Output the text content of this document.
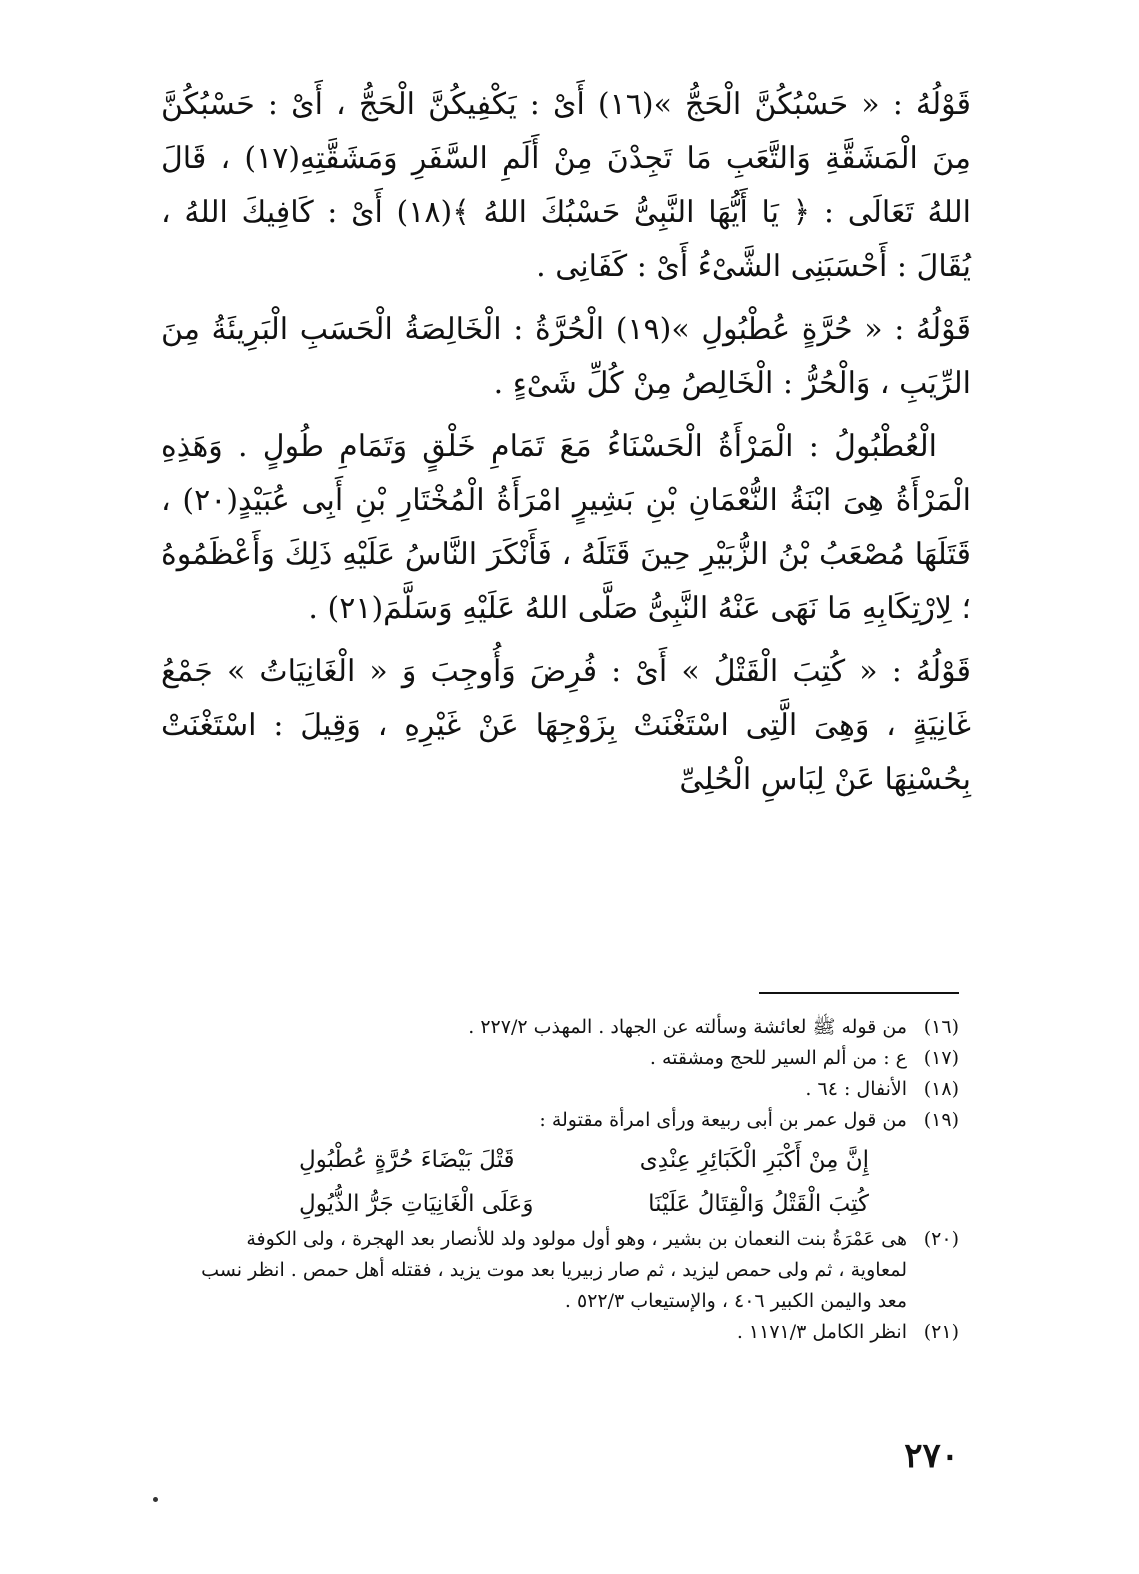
قَوْلُهُ : « حَسْبُكُنَّ الْحَجُّ »(١٦) أَىْ : يَكْفِيكُنَّ الْحَجُّ ، أَىْ : حَسْبُكُنَّ مِنَ الْمَشَقَّةِ وَالتَّعَبِ مَا تَجِدْنَ مِنْ أَلَمِ السَّفَرِ وَمَشَقَّتِهِ(١٧) ، قَالَ اللهُ تَعَالَى : ﴿ يَا أَيُّهَا النَّبِىُّ حَسْبُكَ اللهُ ﴾(١٨) أَىْ : كَافِيكَ اللهُ ، يُقَالَ : أَحْسَبَنِى الشَّىْءُ أَىْ : كَفَانِى .

قَوْلُهُ : « حُرَّةٍ عُطْبُولِ »(١٩) الْحُرَّةُ : الْخَالِصَةُ الْحَسَبِ الْبَرِيئَةُ مِنَ الرِّيَبِ ، وَالْحُرُّ : الْخَالِصُ مِنْ كُلِّ شَىْءٍ .

الْعُطْبُولُ : الْمَرْأَةُ الْحَسْنَاءُ مَعَ تَمَامِ خَلْقٍ وَتَمَامِ طُولٍ . وَهَذِهِ الْمَرْأَةُ هِىَ ابْنَةُ النُّعْمَانِ بْنِ بَشِيرٍ امْرَأَةُ الْمُخْتَارِ بْنِ أَبِى عُبَيْدٍ(٢٠) ، قَتَلَهَا مُصْعَبُ بْنُ الزُّبَيْرِ حِينَ قَتَلَهُ ، فَأَنْكَرَ النَّاسُ عَلَيْهِ ذَلِكَ وَأَعْظَمُوهُ ؛ لِارْتِكَابِهِ مَا نَهَى عَنْهُ النَّبِىُّ صَلَّى اللهُ عَلَيْهِ وَسَلَّمَ(٢١) .

قَوْلُهُ : « كُتِبَ الْقَتْلُ » أَىْ : فُرِضَ وَأُوجِبَ وَ « الْغَانِيَاتُ » جَمْعُ غَانِيَةٍ ، وَهِىَ الَّتِى اسْتَغْنَتْ بِزَوْجِهَا عَنْ غَيْرِهِ ، وَقِيلَ : اسْتَغْنَتْ بِحُسْنِهَا عَنْ لِبَاسِ الْحُلِىِّ

(١٦)
من قوله ﷺ لعائشة وسألته عن الجهاد . المهذب ٢٢٧/٢ .
(١٧)
ع : من ألم السير للحج ومشقته .
(١٨)
الأنفال : ٦٤ .
(١٩)
من قول عمر بن أبى ربيعة ورأى امرأة مقتولة :
إِنَّ مِنْ أَكْبَرِ الْكَبَائِرِ عِنْدِى
قَتْلَ بَيْضَاءَ حُرَّةٍ عُطْبُولِ
كُتِبَ الْقَتْلُ وَالْقِتَالُ عَلَيْنَا
وَعَلَى الْغَانِيَاتِ جَرُّ الذُّيُولِ
(٢٠)
هى عَمْرَةُ بنت النعمان بن بشير ، وهو أول مولود ولد للأنصار بعد الهجرة ، ولى الكوفة لمعاوية ، ثم ولى حمص ليزيد ، ثم صار زبيريا بعد موت يزيد ، فقتله أهل حمص . انظر نسب معد واليمن الكبير ٤٠٦ ، والإستيعاب ٥٢٢/٣ .
(٢١)
انظر الكامل ١١٧١/٣ .
٢٧٠
